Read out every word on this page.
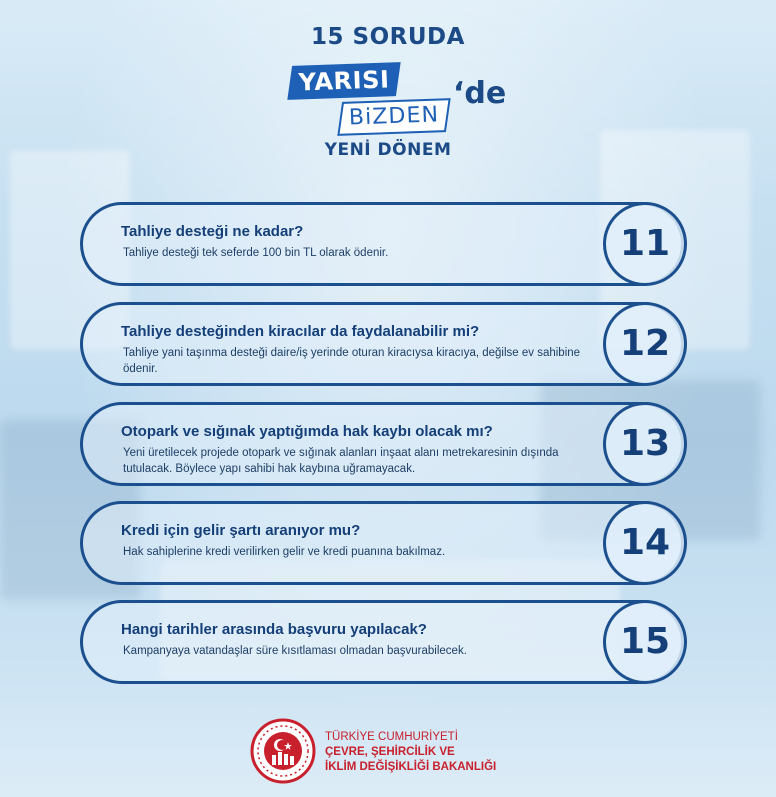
15 SORUDA
YARISI
BiZDEN
‘de
YENİ DÖNEM
Tahliye desteği ne kadar?
Tahliye desteği tek seferde 100 bin TL olarak ödenir.	11
Tahliye desteğinden kiracılar da faydalanabilir mi?
Tahliye yani taşınma desteği daire/iş yerinde oturan kiracıysa kiracıya, değilse ev sahibine ödenir.
12
Otopark ve sığınak yaptığımda hak kaybı olacak mı?
Yeni üretilecek projede otopark ve sığınak alanları inşaat alanı metrekaresinin dışında tutulacak. Böylece yapı sahibi hak kaybına uğramayacak.
13
Kredi için gelir şartı aranıyor mu?
Hak sahiplerine kredi verilirken gelir ve kredi puanına bakılmaz.	14
Hangi tarihler arasında başvuru yapılacak?
Kampanyaya vatandaşlar süre kısıtlaması olmadan başvurabilecek.	15
TÜRKİYE CUMHURİYETİ
ÇEVRE, ŞEHİRCİLİK VE
İKLİM DEĞİŞİKLİĞİ BAKANLIĞI
